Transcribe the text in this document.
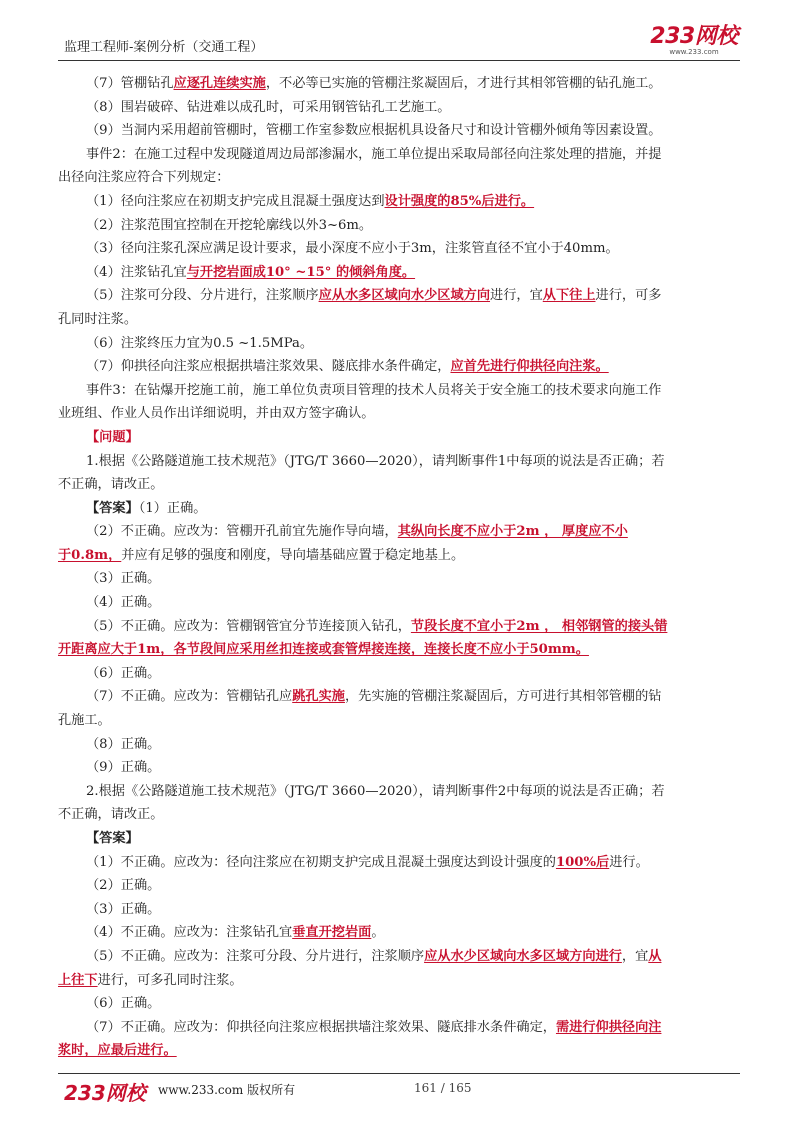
监理工程师-案例分析（交通工程）	233网校
www.233.com
（7）管棚钻孔应逐孔连续实施，不必等已实施的管棚注浆凝固后，才进行其相邻管棚的钻孔施工。
（8）围岩破碎、钻进难以成孔时，可采用钢管钻孔工艺施工。
（9）当洞内采用超前管棚时，管棚工作室参数应根据机具设备尺寸和设计管棚外倾角等因素设置。
事件2：在施工过程中发现隧道周边局部渗漏水，施工单位提出采取局部径向注浆处理的措施，并提
出径向注浆应符合下列规定：
（1）径向注浆应在初期支护完成且混凝土强度达到设计强度的85%后进行。
（2）注浆范围宜控制在开挖轮廓线以外3~6m。
（3）径向注浆孔深应满足设计要求，最小深度不应小于3m，注浆管直径不宜小于40mm。
（4）注浆钻孔宜与开挖岩面成10° ~15° 的倾斜角度。
（5）注浆可分段、分片进行，注浆顺序应从水多区域向水少区域方向进行，宜从下往上进行，可多
孔同时注浆。
（6）注浆终压力宜为0.5 ~1.5MPa。
（7）仰拱径向注浆应根据拱墙注浆效果、隧底排水条件确定，应首先进行仰拱径向注浆。
事件3：在钻爆开挖施工前，施工单位负责项目管理的技术人员将关于安全施工的技术要求向施工作
业班组、作业人员作出详细说明，并由双方签字确认。
【问题】
1.根据《公路隧道施工技术规范》（JTG/T 3660—2020），请判断事件1中每项的说法是否正确；若
不正确，请改正。
【答案】（1）正确。
（2）不正确。应改为：管棚开孔前宜先施作导向墙，其纵向长度不应小于2m ， 厚度应不小
于0.8m，并应有足够的强度和刚度，导向墙基础应置于稳定地基上。
（3）正确。
（4）正确。
（5）不正确。应改为：管棚钢管宜分节连接顶入钻孔，节段长度不宜小于2m ， 相邻钢管的接头错
开距离应大于1m，各节段间应采用丝扣连接或套管焊接连接，连接长度不应小于50mm。
（6）正确。
（7）不正确。应改为：管棚钻孔应跳孔实施，先实施的管棚注浆凝固后，方可进行其相邻管棚的钻
孔施工。
（8）正确。
（9）正确。
2.根据《公路隧道施工技术规范》（JTG/T 3660—2020），请判断事件2中每项的说法是否正确；若
不正确，请改正。
【答案】
（1）不正确。应改为：径向注浆应在初期支护完成且混凝土强度达到设计强度的100%后进行。
（2）正确。
（3）正确。
（4）不正确。应改为：注浆钻孔宜垂直开挖岩面。
（5）不正确。应改为：注浆可分段、分片进行，注浆顺序应从水少区域向水多区域方向进行，宜从
上往下进行，可多孔同时注浆。
（6）正确。
（7）不正确。应改为：仰拱径向注浆应根据拱墙注浆效果、隧底排水条件确定，需进行仰拱径向注
浆时，应最后进行。
233网校 www.233.com 版权所有	161 / 165
